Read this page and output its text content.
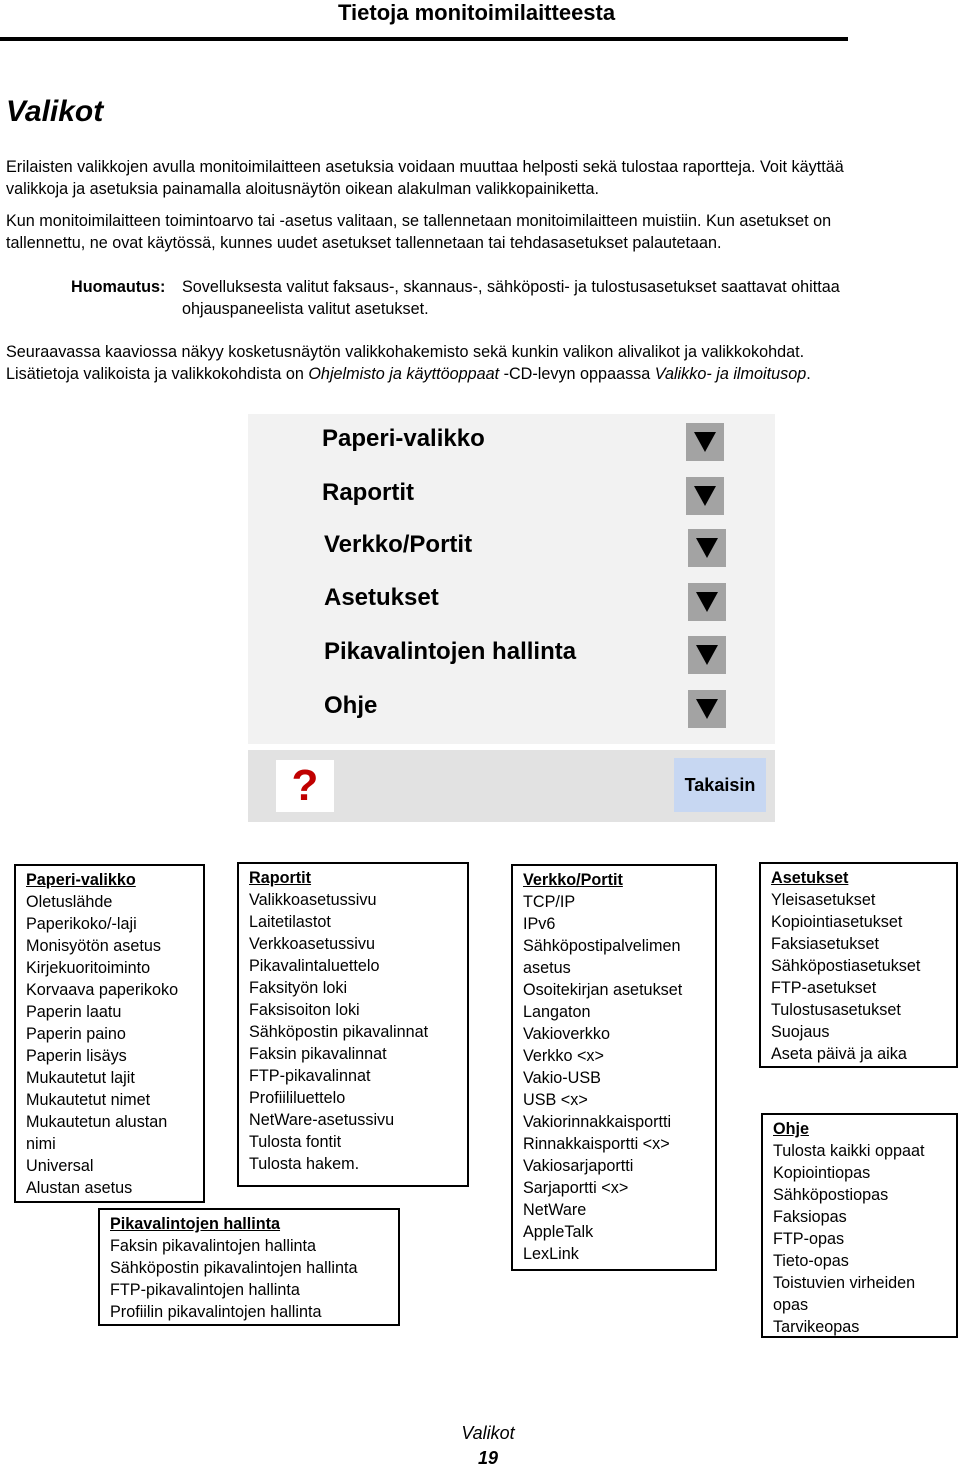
Tietoja monitoimilaitteesta
Valikot
Erilaisten valikkojen avulla monitoimilaitteen asetuksia voidaan muuttaa helposti sekä tulostaa raportteja. Voit käyttää
valikkoja ja asetuksia painamalla aloitusnäytön oikean alakulman valikkopainiketta.
Kun monitoimilaitteen toimintoarvo tai -asetus valitaan, se tallennetaan monitoimilaitteen muistiin. Kun asetukset on
tallennettu, ne ovat käytössä, kunnes uudet asetukset tallennetaan tai tehdasasetukset palautetaan.
Huomautus: Sovelluksesta valitut faksaus-, skannaus-, sähköposti- ja tulostusasetukset saattavat ohittaa
ohjauspaneelista valitut asetukset.
Seuraavassa kaaviossa näkyy kosketusnäytön valikkohakemisto sekä kunkin valikon alivalikot ja valikkokohdat.
Lisätietoja valikoista ja valikkokohdista on Ohjelmisto ja käyttöoppaat -CD-levyn oppaassa Valikko- ja ilmoitusop.
Paperi-valikko
Raportit
Verkko/Portit
Asetukset
Pikavalintojen hallinta
Ohje
?	Takaisin
Paperi-valikko
Oletuslähde
Paperikoko/-laji
Monisyötön asetus
Kirjekuoritoiminto
Korvaava paperikoko
Paperin laatu
Paperin paino
Paperin lisäys
Mukautetut lajit
Mukautetut nimet
Mukautetun alustan
nimi
Universal
Alustan asetus
Raportit
Valikkoasetussivu
Laitetilastot
Verkkoasetussivu
Pikavalintaluettelo
Faksityön loki
Faksisoiton loki
Sähköpostin pikavalinnat
Faksin pikavalinnat
FTP-pikavalinnat
Profiililuettelo
NetWare-asetussivu
Tulosta fontit
Tulosta hakem.
Pikavalintojen hallinta
Faksin pikavalintojen hallinta
Sähköpostin pikavalintojen hallinta
FTP-pikavalintojen hallinta
Profiilin pikavalintojen hallinta
Verkko/Portit
TCP/IP
IPv6
Sähköpostipalvelimen
asetus
Osoitekirjan asetukset
Langaton
Vakioverkko
Verkko <x>
Vakio-USB
USB <x>
Vakiorinnakkaisportti
Rinnakkaisportti <x>
Vakiosarjaportti
Sarjaportti <x>
NetWare
AppleTalk
LexLink
Asetukset
Yleisasetukset
Kopiointiasetukset
Faksiasetukset
Sähköpostiasetukset
FTP-asetukset
Tulostusasetukset
Suojaus
Aseta päivä ja aika
Ohje
Tulosta kaikki oppaat
Kopiointiopas
Sähköpostiopas
Faksiopas
FTP-opas
Tieto-opas
Toistuvien virheiden
opas
Tarvikeopas
Valikot
19
